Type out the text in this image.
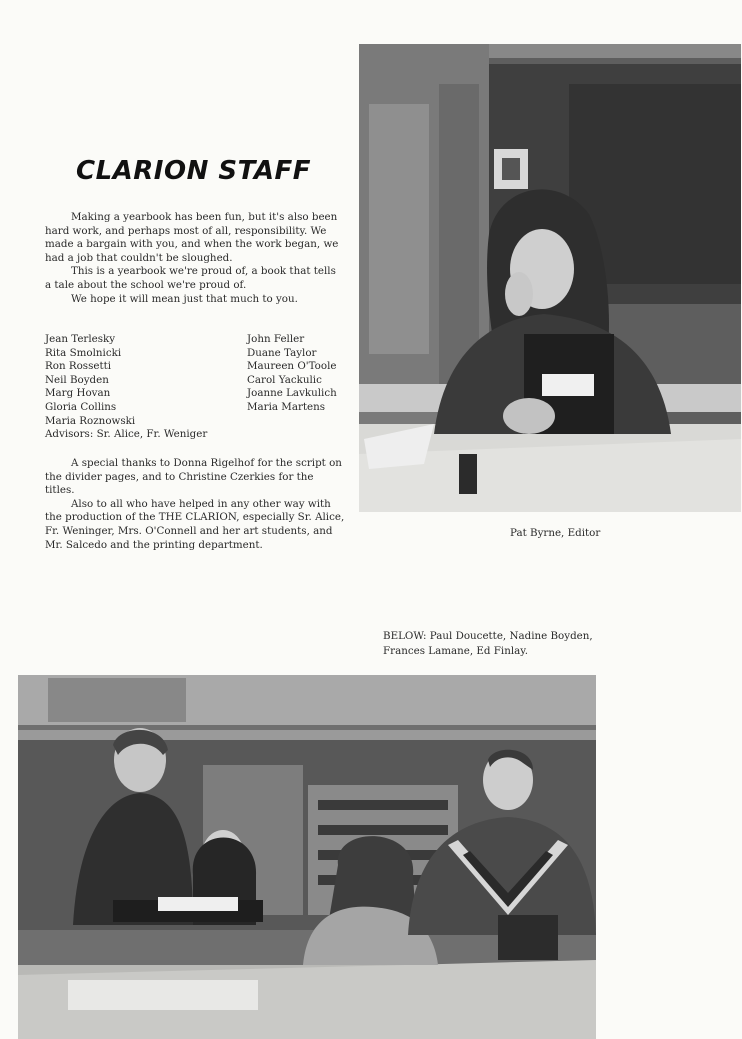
CLARION STAFF

Making a yearbook has been fun, but it's also been hard work, and perhaps most of all, responsibility. We made a bargain with you, and when the work began, we had a job that couldn't be sloughed.

This is a yearbook we're proud of, a book that tells a tale about the school we're proud of.

We hope it will mean just that much to you.

Jean Terlesky
Rita Smolnicki
Ron Rossetti
Neil Boyden
Marg Hovan
Gloria Collins
Maria Roznowski
Advisors: Sr. Alice, Fr. Weniger
John Feller
Duane Taylor
Maureen O'Toole
Carol Yackulic
Joanne Lavkulich
Maria Martens

A special thanks to Donna Rigelhof for the script on the divider pages, and to Christine Czerkies for the titles.

Also to all who have helped in any other way with the production of the THE CLARION, especially Sr. Alice, Fr. Weninger, Mrs. O'Connell and her art students, and Mr. Salcedo and the printing department.

Pat Byrne, Editor
BELOW: Paul Doucette, Nadine Boyden, Frances Lamane, Ed Finlay.
